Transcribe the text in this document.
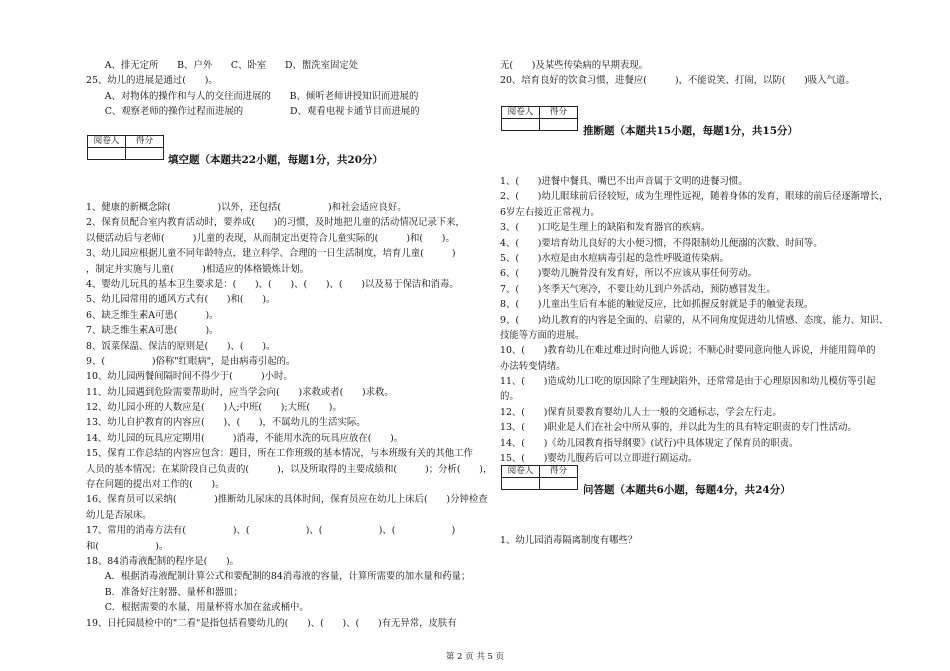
　　A、排无定所　　B、户外　　C、卧室　　D、盥洗室固定处
25、幼儿的进展是通过(　　)。
　　A、对物体的操作和与人的交往而进展的　　B、倾听老师讲授知识而进展的
　　C、观察老师的操作过程而进展的　　　　　D、观看电视卡通节目而进展的
阅卷人	得分

填空题（本题共22小题，每题1分，共20分）
1、健康的新概念除(　　　　　)以外，还包括(　　　　　)和社会适应良好。
2、保育员配合室内教育活动时，要养成(　　)的习惯，及时地把儿童的活动情况记录下来，
以便活动后与老师(　　　)儿童的表现，从而制定出更符合儿童实际的(　　　)和(　　)。
3、幼儿园应根据儿童不同年龄特点，建立科学、合理的一日生活制度，培育儿童(　　　)
，制定并实施与儿童(　　　)相适应的体格锻炼计划。
4、婴幼儿玩具的基本卫生要求是：(　　)、(　　)、(　　)、(　　)以及易于保洁和消毒。
5、幼儿园常用的通风方式有(　　)和(　　)。
6、缺乏维生素A可患(　　　)。
7、缺乏维生素A可患(　　　)。
8、饭菜保温、保洁的原则是(　　)、(　　)。
9、(　　　　　)俗称"红眼病"，是由病毒引起的。
10、幼儿园两餐间隔时间不得少于(　　　)小时。
11、幼儿园遇到危险需要帮助时，应当学会向(　　)求救或者(　　)求救。
12、幼儿园小班的人数应是(　　)人;中班(　　);大班(　　)。
13、幼儿自护教育的内容应(　　)、(　　)，不属幼儿的生活实际。
14、幼儿园的玩具应定期用(　　　)消毒，不能用水洗的玩具应放在(　　)。
15、保育工作总结的内容应包含：题目，所在工作班级的基本情况，与本班级有关的其他工作
人员的基本情况；在某阶段自己负责的(　　　)，以及所取得的主要成绩和(　　　)；分析(　　)，
存在问题的提出对工作的(　　)。
16、保育员可以采纳(　　　　)推断幼儿尿床的具体时间，保育员应在幼儿上床后(　　)分钟检查
幼儿是否尿床。
17、常用的消毒方法有(　　　　　)、(　　　　　　)、(　　　　　　)、(　　　　　　)
和(　　　　　　)。
18、84消毒液配制的程序是(　　)。
　　A．根据消毒液配制计算公式和要配制的84消毒液的容量，计算所需要的加水量和药量；
　　B．准备好注射器、量杯和器皿；
　　C．根据需要的水量，用量杯将水加在盆或桶中。
19、日托园晨检中的"二看"是指包括看婴幼儿的(　　)、(　　)、(　　)有无异常，皮肤有
无(　　)及某些传染病的早期表现。
20、培育良好的饮食习惯，进餐应(　　　)，不能说笑、打闹，以防(　　)吸入气道。
阅卷人	得分

推断题（本题共15小题，每题1分，共15分）
1、(　　)进餐中餐具、嘴巴不出声音属于文明的进餐习惯。
2、(　　)幼儿眼球前后径较短，成为生理性远视，随着身体的发育，眼球的前后径逐渐增长，
6岁左右接近正常视力。
3、(　　)口吃是生理上的缺陷和发育器官的疾病。
4、(　　)要培育幼儿良好的大小便习惯，不得限制幼儿便溺的次数、时间等。
5、(　　)水痘是由水痘病毒引起的急性呼吸道传染病。
6、(　　)婴幼儿腕骨没有发育好，所以不应该从事任何劳动。
7、(　　)冬季天气寒冷，不要让幼儿到户外活动，预防感冒发生。
8、(　　)儿童出生后有本能的触觉反应，比如抓握反射就是手的触觉表现。
9、(　　)幼儿教育的内容是全面的、启蒙的，从不同角度促进幼儿情感、态度、能力、知识、
技能等方面的进展。
10、(　　)教育幼儿在难过难过时向他人诉说；不顺心时要同意向他人诉说，并能用简单的
办法转变情绪。
11、(　　)造成幼儿口吃的原因除了生理缺陷外，还常常是由于心理原因和幼儿模仿等引起
的。
12、(　　)保育员要教育婴幼儿人士一般的交通标志，学会左行走。
13、(　　)职业是人们在社会中所从事的，并以此为生的具有特定职责的专门性活动。
14、(　　)《幼儿园教育指导纲要》(试行)中具体规定了保育员的职责。
15、(　　)婴幼儿腹药后可以立即进行剧运动。
阅卷人	得分

问答题（本题共6小题，每题4分，共24分）
1、幼儿园消毒隔离制度有哪些？
第 2 页 共 5 页
